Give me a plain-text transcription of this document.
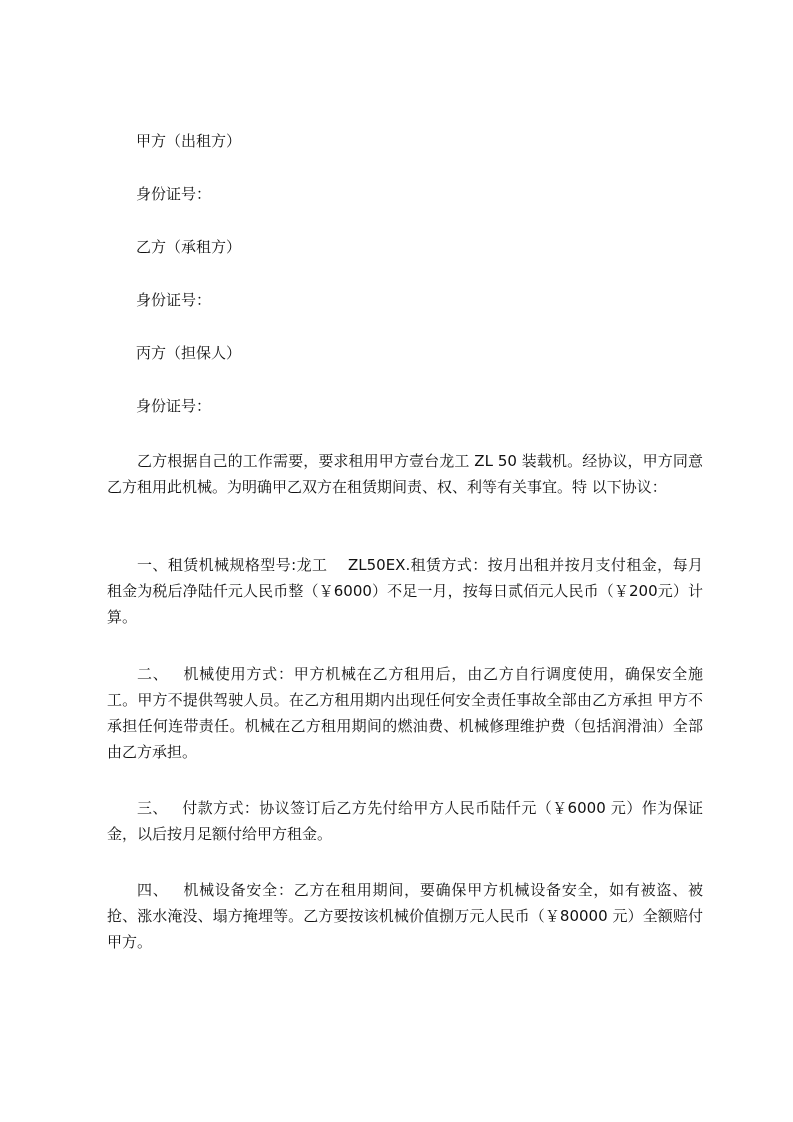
甲方（出租方）
身份证号：
乙方（承租方）
身份证号：
丙方（担保人）
身份证号：
乙方根据自己的工作需要，要求租用甲方壹台龙工 ZL 50 装载机。经协议，甲方同意乙方租用此机械。为明确甲乙双方在租赁期间责、权、利等有关事宜。特 以下协议：
一、租赁机械规格型号:龙工　 ZL50EX.租赁方式：按月出租并按月支付租金，每月租金为税后净陆仟元人民币整（￥6000）不足一月，按每日贰佰元人民币（￥200元）计算。
二、 机械使用方式：甲方机械在乙方租用后，由乙方自行调度使用，确保安全施工。甲方不提供驾驶人员。在乙方租用期内出现任何安全责任事故全部由乙方承担 甲方不承担任何连带责任。机械在乙方租用期间的燃油费、机械修理维护费（包括润滑油）全部由乙方承担。
三、 付款方式：协议签订后乙方先付给甲方人民币陆仟元（￥6000 元）作为保证金，以后按月足额付给甲方租金。
四、 机械设备安全：乙方在租用期间，要确保甲方机械设备安全，如有被盗、被抢、涨水淹没、塌方掩埋等。乙方要按该机械价值捌万元人民币（￥80000 元）全额赔付甲方。
